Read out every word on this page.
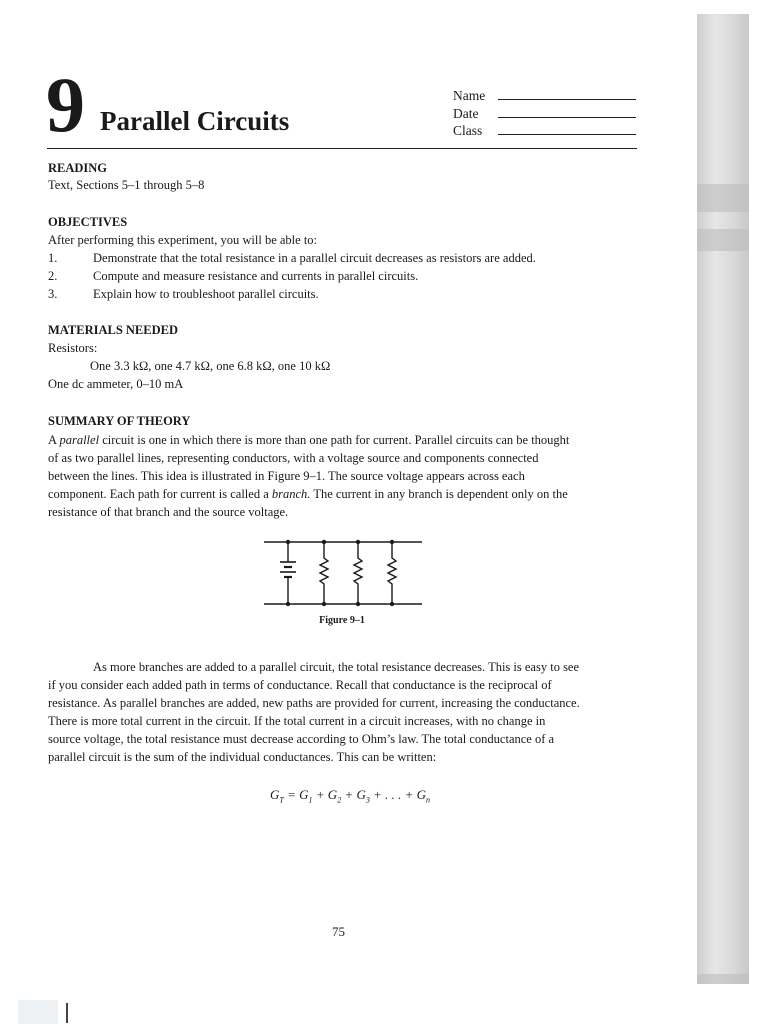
9 Parallel Circuits
Name
Date
Class
READING
Text, Sections 5–1 through 5–8
OBJECTIVES
After performing this experiment, you will be able to:
1.	Demonstrate that the total resistance in a parallel circuit decreases as resistors are added.
2.	Compute and measure resistance and currents in parallel circuits.
3.	Explain how to troubleshoot parallel circuits.
MATERIALS NEEDED
Resistors:
One 3.3 kΩ, one 4.7 kΩ, one 6.8 kΩ, one 10 kΩ
One dc ammeter, 0–10 mA
SUMMARY OF THEORY
A parallel circuit is one in which there is more than one path for current. Parallel circuits can be thought
of as two parallel lines, representing conductors, with a voltage source and components connected
between the lines. This idea is illustrated in Figure 9–1. The source voltage appears across each
component. Each path for current is called a branch. The current in any branch is dependent only on the
resistance of that branch and the source voltage.
Figure 9–1
As more branches are added to a parallel circuit, the total resistance decreases. This is easy to see
if you consider each added path in terms of conductance. Recall that conductance is the reciprocal of
resistance. As parallel branches are added, new paths are provided for current, increasing the conductance.
There is more total current in the circuit. If the total current in a circuit increases, with no change in
source voltage, the total resistance must decrease according to Ohm’s law. The total conductance of a
parallel circuit is the sum of the individual conductances. This can be written:
$G_T = G_1 + G_2 + G_3$ + . . . + $G_n$
75
